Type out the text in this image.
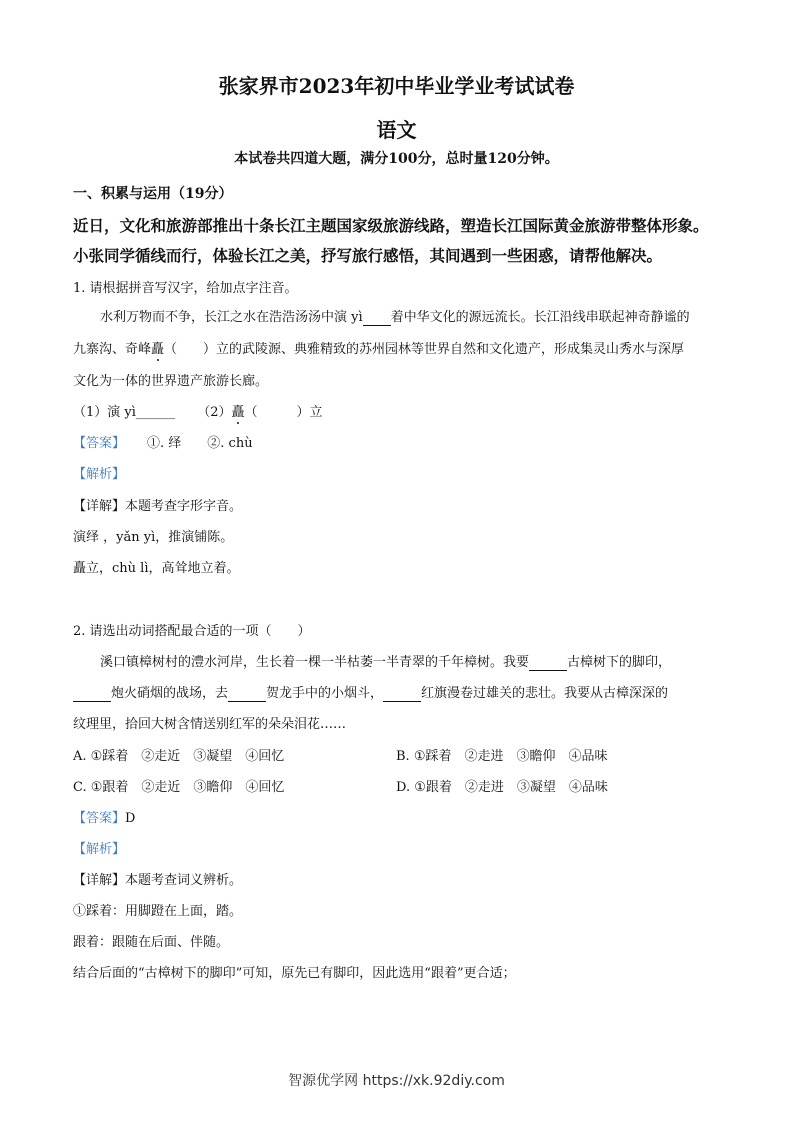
张家界市2023年初中毕业学业考试试卷
语文
本试卷共四道大题，满分100分，总时量120分钟。
一、积累与运用（19分）
近日，文化和旅游部推出十条长江主题国家级旅游线路，塑造长江国际黄金旅游带整体形象。
小张同学循线而行，体验长江之美，抒写旅行感悟，其间遇到一些困惑，请帮他解决。
1. 请根据拼音写汉字，给加点字注音。
水利万物而不争，长江之水在浩浩汤汤中演 yì 着中华文化的源远流长。长江沿线串联起神奇静谧的
九寨沟、奇峰矗（　　）立的武陵源、典雅精致的苏州园林等世界自然和文化遗产，形成集灵山秀水与深厚
文化为一体的世界遗产旅游长廊。
（1）演 yì______ （2）矗（　　　）立
【答案】 ①. 绎　　②. chù
【解析】
【详解】本题考查字形字音。
演绎 ，yǎn yì，推演铺陈。
矗立，chù lì，高耸地立着。
2. 请选出动词搭配最合适的一项（　　）
溪口镇樟树村的澧水河岸，生长着一棵一半枯萎一半青翠的千年樟树。我要	古樟树下的脚印，
炮火硝烟的战场，去	贺龙手中的小烟斗，	红旗漫卷过雄关的悲壮。我要从古樟深深的
纹理里，拾回大树含情送别红军的朵朵泪花……
A. ①踩着　②走近　③凝望　④回忆	B. ①踩着　②走进　③瞻仰　④品味
C. ①跟着　②走近　③瞻仰　④回忆	D. ①跟着　②走进　③凝望　④品味
【答案】D
【解析】
【详解】本题考查词义辨析。
①踩着：用脚蹬在上面，踏。
跟着：跟随在后面、伴随。
结合后面的“古樟树下的脚印”可知，原先已有脚印，因此选用“跟着”更合适；
智源优学网 https://xk.92diy.com
